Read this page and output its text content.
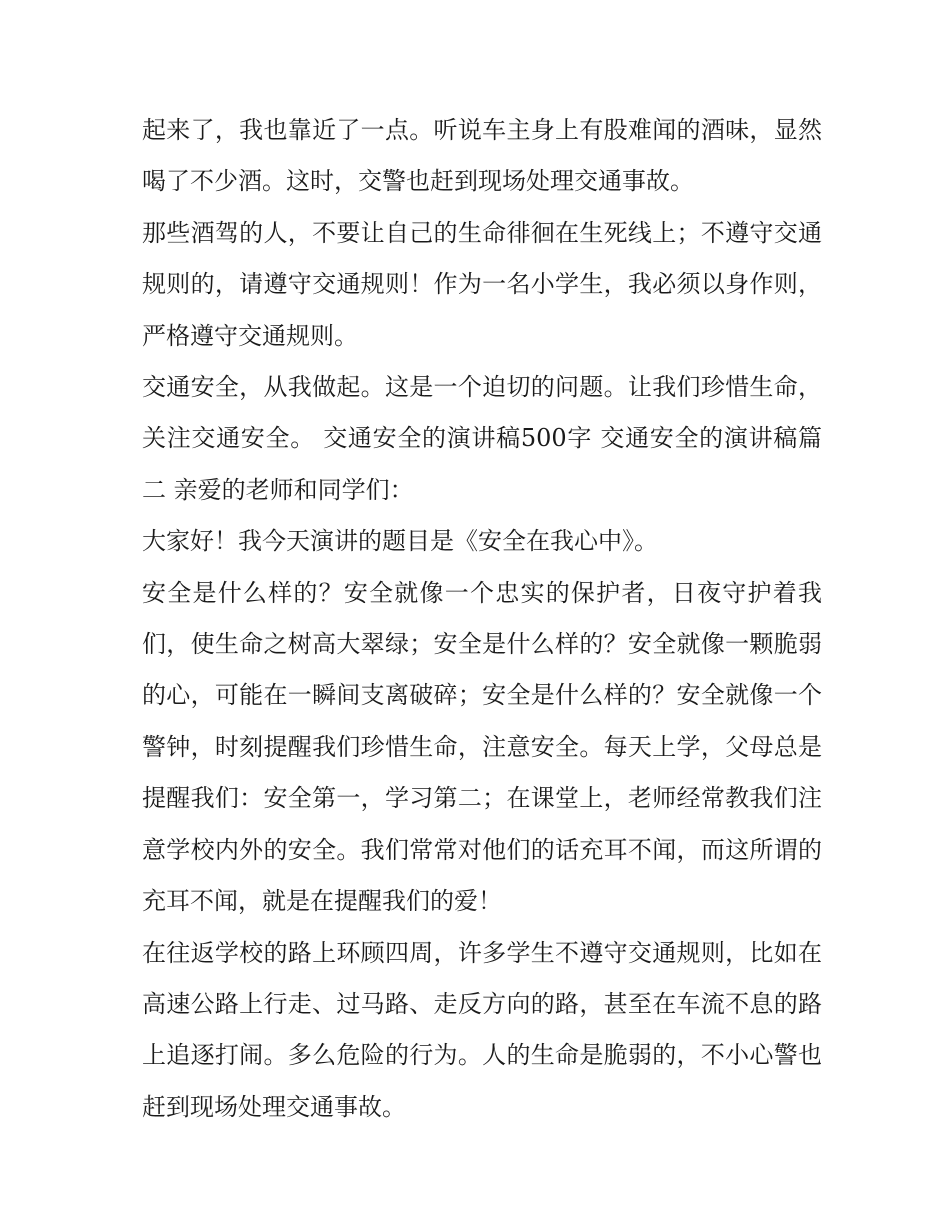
起来了，我也靠近了一点。听说车主身上有股难闻的酒味，显然喝了不少酒。这时，交警也赶到现场处理交通事故。

那些酒驾的人，不要让自己的生命徘徊在生死线上；不遵守交通规则的，请遵守交通规则！作为一名小学生，我必须以身作则，严格遵守交通规则。

交通安全，从我做起。这是一个迫切的问题。让我们珍惜生命，关注交通安全。 交通安全的演讲稿500字 交通安全的演讲稿篇二 亲爱的老师和同学们：

大家好！我今天演讲的题目是《安全在我心中》。

安全是什么样的？安全就像一个忠实的保护者，日夜守护着我们，使生命之树高大翠绿；安全是什么样的？安全就像一颗脆弱的心，可能在一瞬间支离破碎；安全是什么样的？安全就像一个警钟，时刻提醒我们珍惜生命，注意安全。每天上学，父母总是提醒我们：安全第一，学习第二；在课堂上，老师经常教我们注意学校内外的安全。我们常常对他们的话充耳不闻，而这所谓的充耳不闻，就是在提醒我们的爱！

在往返学校的路上环顾四周，许多学生不遵守交通规则，比如在高速公路上行走、过马路、走反方向的路，甚至在车流不息的路上追逐打闹。多么危险的行为。人的生命是脆弱的，不小心警也赶到现场处理交通事故。
